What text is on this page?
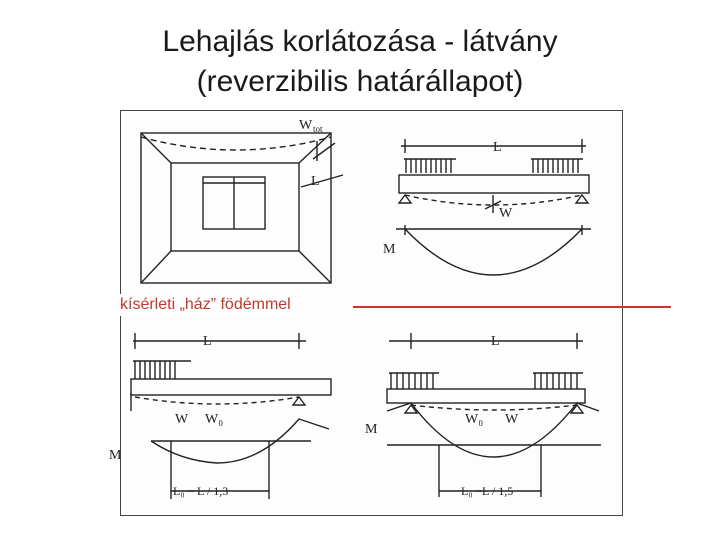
Lehajlás korlátozása - látvány
(reverzibilis határállapot)
W tot
L
L
W
M
L
W W₀
M
L₀ ~ L / 1,3
L
W₀ W
M
L₀ ~L / 1,5
kísérleti „ház” födémmel
